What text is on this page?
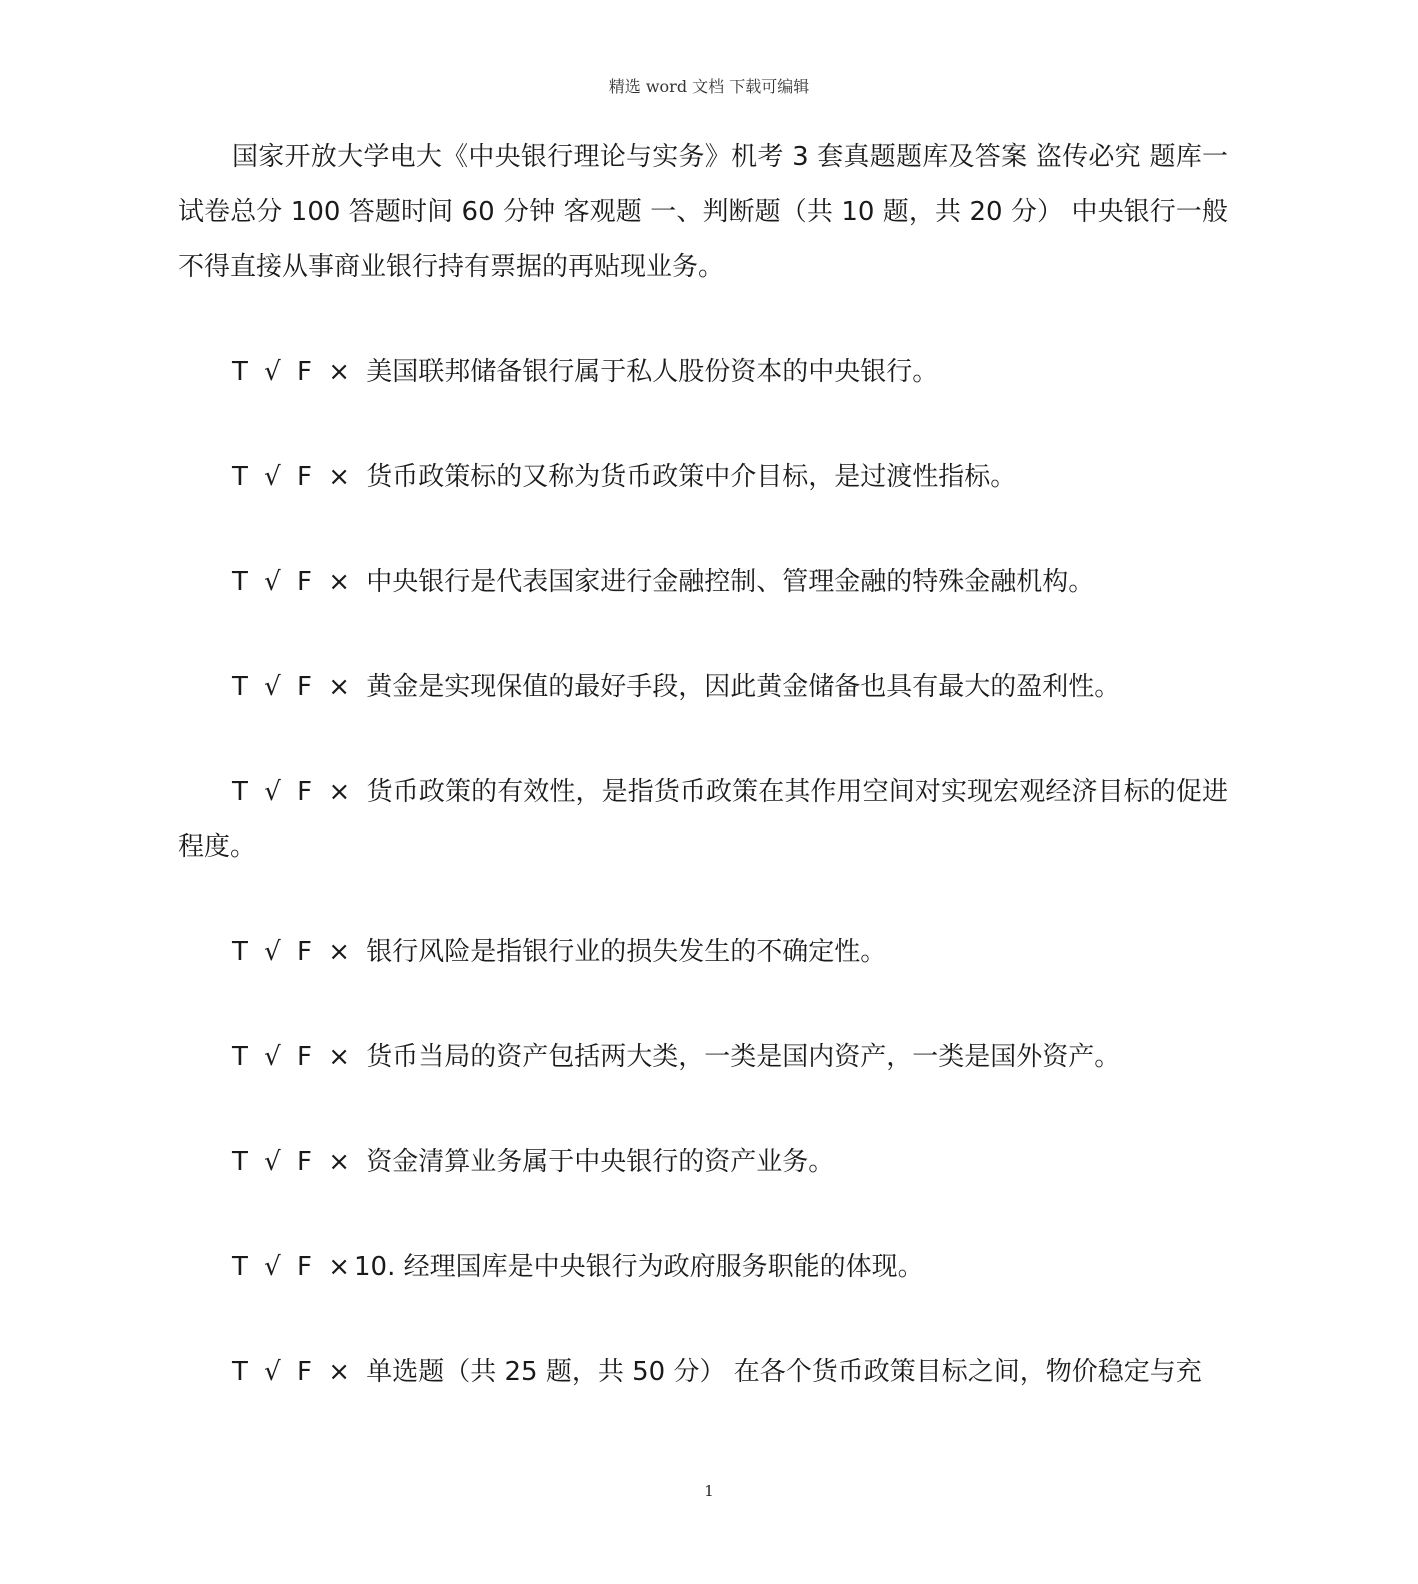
精选 word 文档 下载可编辑

国家开放大学电大《中央银行理论与实务》机考 3 套真题题库及答案 盗传必究 题库一 试卷总分 100 答题时间 60 分钟 客观题 一、判断题（共 10 题，共 20 分） 中央银行一般不得直接从事商业银行持有票据的再贴现业务。

T √ F × 美国联邦储备银行属于私人股份资本的中央银行。

T √ F × 货币政策标的又称为货币政策中介目标，是过渡性指标。

T √ F × 中央银行是代表国家进行金融控制、管理金融的特殊金融机构。

T √ F × 黄金是实现保值的最好手段，因此黄金储备也具有最大的盈利性。

T √ F × 货币政策的有效性，是指货币政策在其作用空间对实现宏观经济目标的促进程度。

T √ F × 银行风险是指银行业的损失发生的不确定性。

T √ F × 货币当局的资产包括两大类，一类是国内资产，一类是国外资产。

T √ F × 资金清算业务属于中央银行的资产业务。

T √ F ×10. 经理国库是中央银行为政府服务职能的体现。

T √ F × 单选题（共 25 题，共 50 分） 在各个货币政策目标之间，物价稳定与充

1
